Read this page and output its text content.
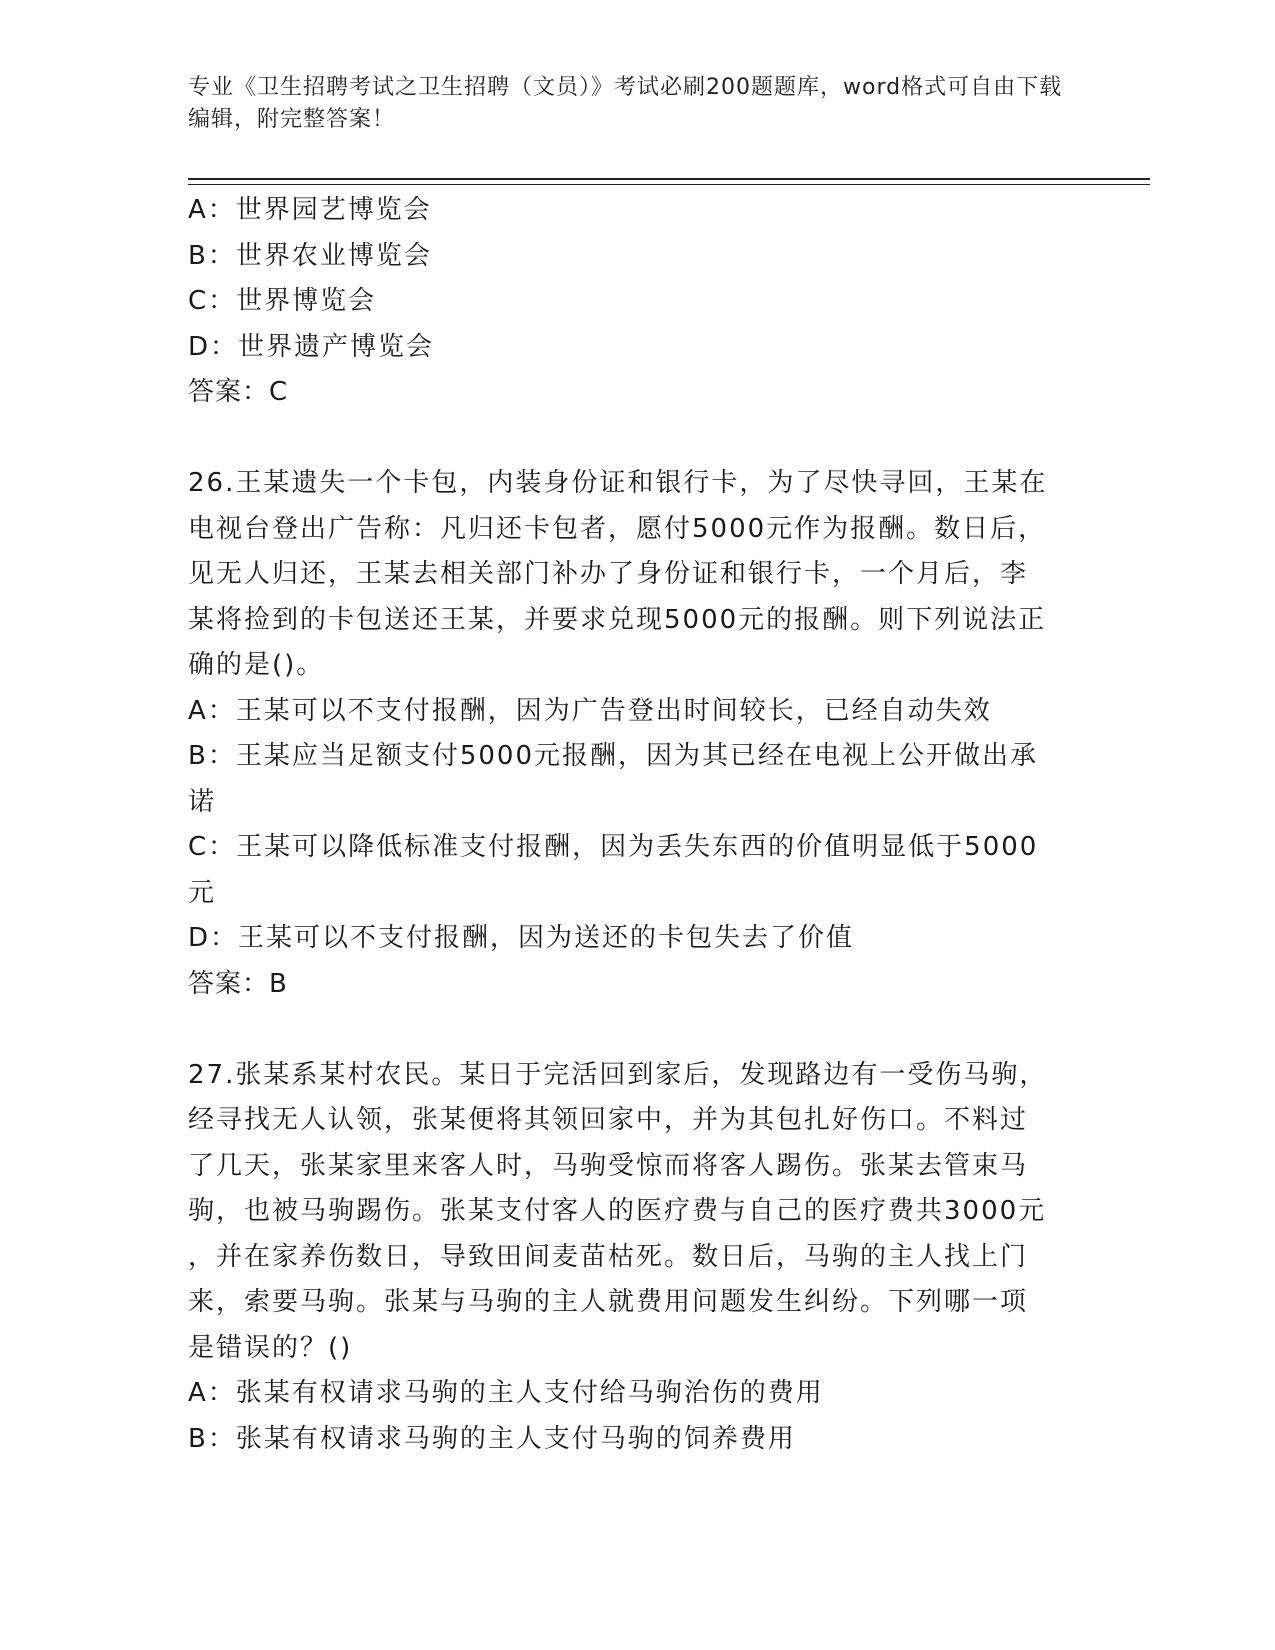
专业《卫生招聘考试之卫生招聘（文员）》考试必刷200题题库，word格式可自由下载编辑，附完整答案！

A：世界园艺博览会

B：世界农业博览会

C：世界博览会

D：世界遗产博览会

答案：C

26.王某遗失一个卡包，内装身份证和银行卡，为了尽快寻回，王某在

电视台登出广告称：凡归还卡包者，愿付5000元作为报酬。数日后，

见无人归还，王某去相关部门补办了身份证和银行卡，一个月后，李

某将捡到的卡包送还王某，并要求兑现5000元的报酬。则下列说法正

确的是()。

A：王某可以不支付报酬，因为广告登出时间较长，已经自动失效

B：王某应当足额支付5000元报酬，因为其已经在电视上公开做出承

诺

C：王某可以降低标准支付报酬，因为丢失东西的价值明显低于5000

元

D：王某可以不支付报酬，因为送还的卡包失去了价值

答案：B

27.张某系某村农民。某日于完活回到家后，发现路边有一受伤马驹，

经寻找无人认领，张某便将其领回家中，并为其包扎好伤口。不料过

了几天，张某家里来客人时，马驹受惊而将客人踢伤。张某去管束马

驹，也被马驹踢伤。张某支付客人的医疗费与自己的医疗费共3000元

，并在家养伤数日，导致田间麦苗枯死。数日后，马驹的主人找上门

来，索要马驹。张某与马驹的主人就费用问题发生纠纷。下列哪一项

是错误的？()

A：张某有权请求马驹的主人支付给马驹治伤的费用

B：张某有权请求马驹的主人支付马驹的饲养费用
